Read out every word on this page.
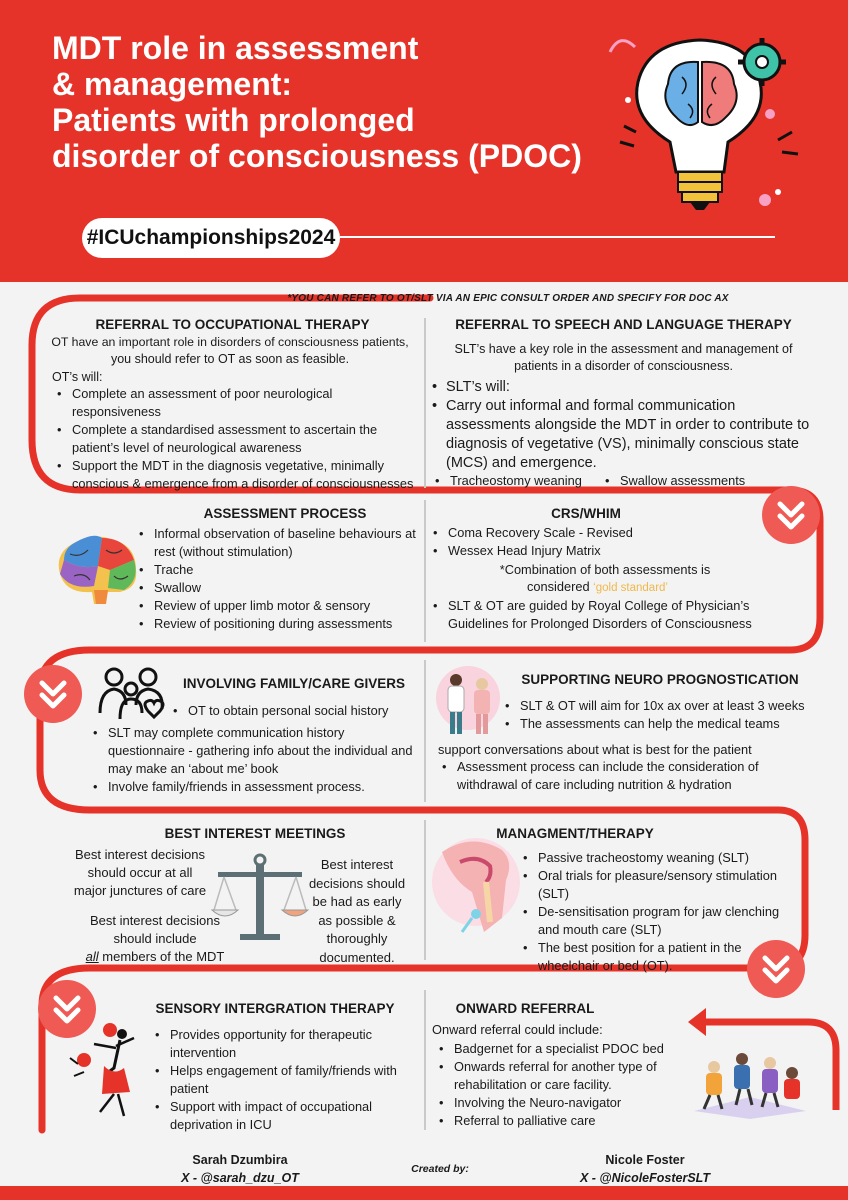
MDT role in assessment
& management:
Patients with prolonged
disorder of consciousness (PDOC)
#ICUchampionships2024
*YOU CAN REFER TO OT/SLT VIA AN EPIC CONSULT ORDER AND SPECIFY FOR DOC AX
REFERRAL TO OCCUPATIONAL THERAPY
OT have an important role in disorders of consciousness patients,
you should refer to OT as soon as feasible.
OT’s will:
• Complete an assessment of poor neurological responsiveness
• Complete a standardised assessment to ascertain the patient’s level of neurological awareness
• Support the MDT in the diagnosis vegetative, minimally conscious & emergence from a disorder of consciousnesses
REFERRAL TO SPEECH AND LANGUAGE THERAPY
SLT’s have a key role in the assessment and management of
patients in a disorder of consciousness.
• SLT’s will:
• Carry out informal and formal communication assessments alongside the MDT in order to contribute to diagnosis of vegetative (VS), minimally conscious state (MCS) and emergence.
• Tracheostomy weaning
•	Swallow assessments
ASSESSMENT PROCESS
• Informal observation of baseline behaviours at rest (without stimulation)
• Trache
• Swallow
• Review of upper limb motor & sensory
• Review of positioning during assessments
CRS/WHIM
• Coma Recovery Scale - Revised
• Wessex Head Injury Matrix
*Combination of both assessments is
considered ‘gold standard’
• SLT & OT are guided by Royal College of Physician’s Guidelines for Prolonged Disorders of Consciousness
INVOLVING FAMILY/CARE GIVERS
• OT to obtain personal social history
• SLT may complete communication history questionnaire - gathering info about the individual and may make an ‘about me’ book
• Involve family/friends in assessment process.
SUPPORTING NEURO PROGNOSTICATION
• SLT & OT will aim for 10x ax over at least 3 weeks
• The assessments can help the medical teams
support conversations about what is best for the patient
• Assessment process can include the consideration of withdrawal of care including nutrition & hydration
BEST INTEREST MEETINGS
Best interest decisions
should occur at all
major junctures of care
Best interest decisions
should include
all members of the MDT
Best interest
decisions should
be had as early
as possible &
thoroughly
documented.
MANAGMENT/THERAPY
• Passive tracheostomy weaning (SLT)
• Oral trials for pleasure/sensory stimulation (SLT)
• De-sensitisation program for jaw clenching and mouth care (SLT)
• The best position for a patient in the wheelchair or bed (OT).
SENSORY INTERGRATION THERAPY
• Provides opportunity for therapeutic intervention
• Helps engagement of family/friends with patient
• Support with impact of occupational deprivation in ICU
ONWARD REFERRAL
Onward referral could include:
• Badgernet for a specialist PDOC bed
• Onwards referral for another type of rehabilitation or care facility.
• Involving the Neuro-navigator
• Referral to palliative care
Sarah Dzumbira
X - @sarah_dzu_OT
Created by:
Nicole Foster
X - @NicoleFosterSLT
